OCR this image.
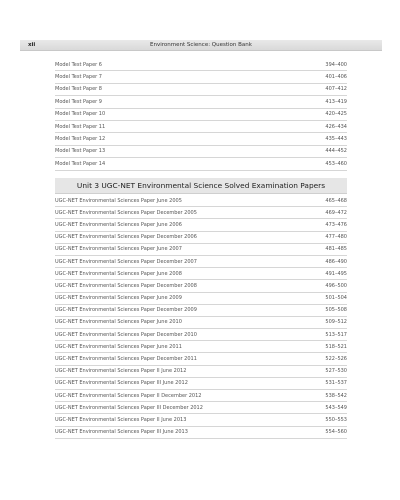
xii	Environment Science: Question Bank
Model Test Paper 6	394–400
Model Test Paper 7	401–406
Model Test Paper 8	407–412
Model Test Paper 9	413–419
Model Test Paper 10	420–425
Model Test Paper 11	426–434
Model Test Paper 12	435–443
Model Test Paper 13	444–452
Model Test Paper 14	453–460
Unit 3 UGC-NET Environmental Science Solved Examination Papers
UGC-NET Environmental Sciences Paper June 2005	465–468
UGC-NET Environmental Sciences Paper December 2005	469–472
UGC-NET Environmental Sciences Paper June 2006	473–476
UGC-NET Environmental Sciences Paper December 2006	477–480
UGC-NET Environmental Sciences Paper June 2007	481–485
UGC-NET Environmental Sciences Paper December 2007	486–490
UGC-NET Environmental Sciences Paper June 2008	491–495
UGC-NET Environmental Sciences Paper December 2008	496–500
UGC-NET Environmental Sciences Paper June 2009	501–504
UGC-NET Environmental Sciences Paper December 2009	505–508
UGC-NET Environmental Sciences Paper June 2010	509–512
UGC-NET Environmental Sciences Paper December 2010	513–517
UGC-NET Environmental Sciences Paper June 2011	518–521
UGC-NET Environmental Sciences Paper December 2011	522–526
UGC-NET Environmental Sciences Paper II June 2012	527–530
UGC-NET Environmental Sciences Paper III June 2012	531–537
UGC-NET Environmental Sciences Paper II December 2012	538–542
UGC-NET Environmental Sciences Paper III December 2012	543–549
UGC-NET Environmental Sciences Paper II June 2013	550–553
UGC-NET Environmental Sciences Paper III June 2013	554–560
